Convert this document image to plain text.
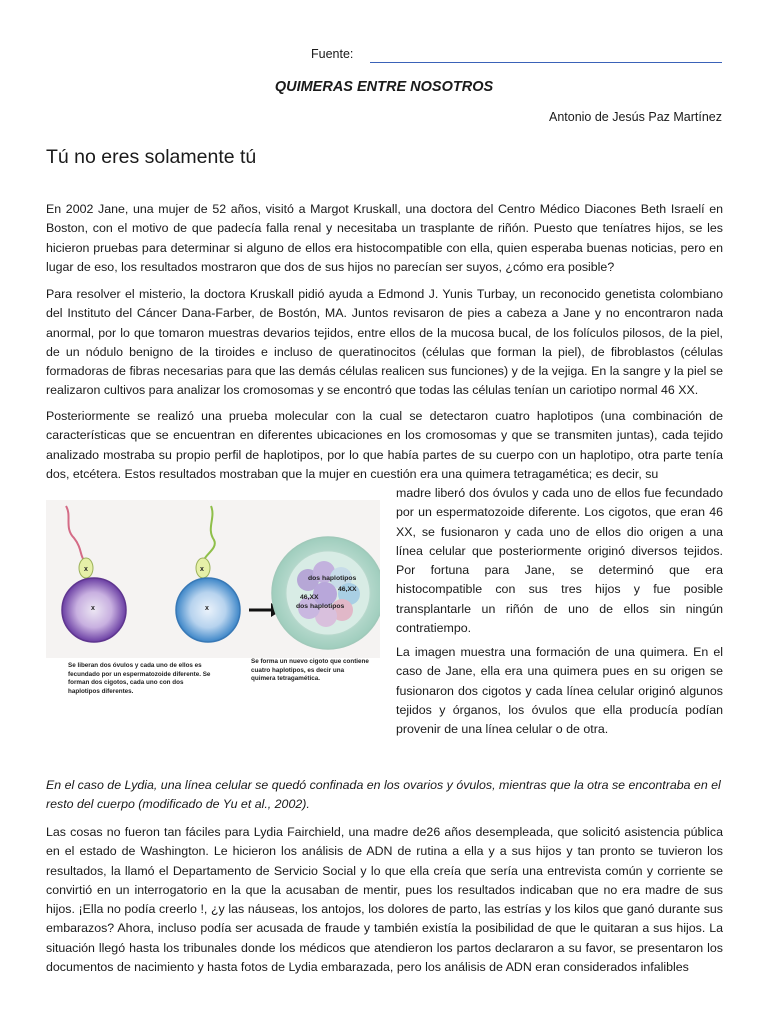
Fuente:
QUIMERAS ENTRE NOSOTROS
Antonio de Jesús Paz Martínez
Tú no eres solamente tú

En 2002 Jane, una mujer de 52 años, visitó a Margot Kruskall, una doctora del Centro Médico Diacones Beth Israelí en Boston, con el motivo de que padecía falla renal y necesitaba un trasplante de riñón. Puesto que teníatres hijos, se les hicieron pruebas para determinar si alguno de ellos era histocompatible con ella, quien esperaba buenas noticias, pero en lugar de eso, los resultados mostraron que dos de sus hijos no parecían ser suyos, ¿cómo era posible?

Para resolver el misterio, la doctora Kruskall pidió ayuda a Edmond J. Yunis Turbay, un reconocido genetista colombiano del Instituto del Cáncer Dana-Farber, de Bostón, MA. Juntos revisaron de pies a cabeza a Jane y no encontraron nada anormal, por lo que tomaron muestras devarios tejidos, entre ellos de la mucosa bucal, de los folículos pilosos, de la piel, de un nódulo benigno de la tiroides e incluso de queratinocitos (células que forman la piel), de fibroblastos (células formadoras de fibras necesarias para que las demás células realicen sus funciones) y de la vejiga. En la sangre y la piel se realizaron cultivos para analizar los cromosomas y se encontró que todas las células tenían un cariotipo normal 46 XX.

Posteriormente se realizó una prueba molecular con la cual se detectaron cuatro haplotipos (una combinación de características que se encuentran en diferentes ubicaciones en los cromosomas y que se transmiten juntas), cada tejido analizado mostraba su propio perfil de haplotipos, por lo que había partes de su cuerpo con un haplotipo, otra parte tenía dos, etcétera. Estos resultados mostraban que la mujer en cuestión era una quimera tetragamética; es decir, su

madre liberó dos óvulos y cada uno de ellos fue fecundado por un espermatozoide diferente. Los cigotos, que eran 46 XX, se fusionaron y cada uno de ellos dio origen a una línea celular que posteriormente originó diversos tejidos. Por fortuna para Jane, se determinó que era histocompatible con sus tres hijos y fue posible transplantarle un riñón de uno de ellos sin ningún contratiempo.

La imagen muestra una formación de una quimera. En el caso de Jane, ella era una quimera pues en su origen se fusionaron dos cigotos y cada línea celular originó algunos tejidos y órganos, los óvulos que ella producía podían provenir de una línea celular o de otra.

x	x
x	x
dos haplotipos
46,XX
46,XX
dos haplotipos
Se liberan dos óvulos y cada uno de ellos es fecundado por un espermatozoide diferente. Se forman dos cigotos, cada uno con dos haplotipos diferentes.
Se forma un nuevo cigoto que contiene cuatro haplotipos, es decir una quimera tetragamética.

En el caso de Lydia, una línea celular se quedó confinada en los ovarios y óvulos, mientras que la otra se encontraba en el resto del cuerpo (modificado de Yu et al., 2002).

Las cosas no fueron tan fáciles para Lydia Fairchield, una madre de26 años desempleada, que solicitó asistencia pública en el estado de Washington. Le hicieron los análisis de ADN de rutina a ella y a sus hijos y tan pronto se tuvieron los resultados, la llamó el Departamento de Servicio Social y lo que ella creía que sería una entrevista común y corriente se convirtió en un interrogatorio en la que la acusaban de mentir, pues los resultados indicaban que no era madre de sus hijos. ¡Ella no podía creerlo !, ¿y las náuseas, los antojos, los dolores de parto, las estrías y los kilos que ganó durante sus embarazos? Ahora, incluso podía ser acusada de fraude y también existía la posibilidad de que le quitaran a sus hijos. La situación llegó hasta los tribunales donde los médicos que atendieron los partos declararon a su favor, se presentaron los documentos de nacimiento y hasta fotos de Lydia embarazada, pero los análisis de ADN eran considerados infalibles
